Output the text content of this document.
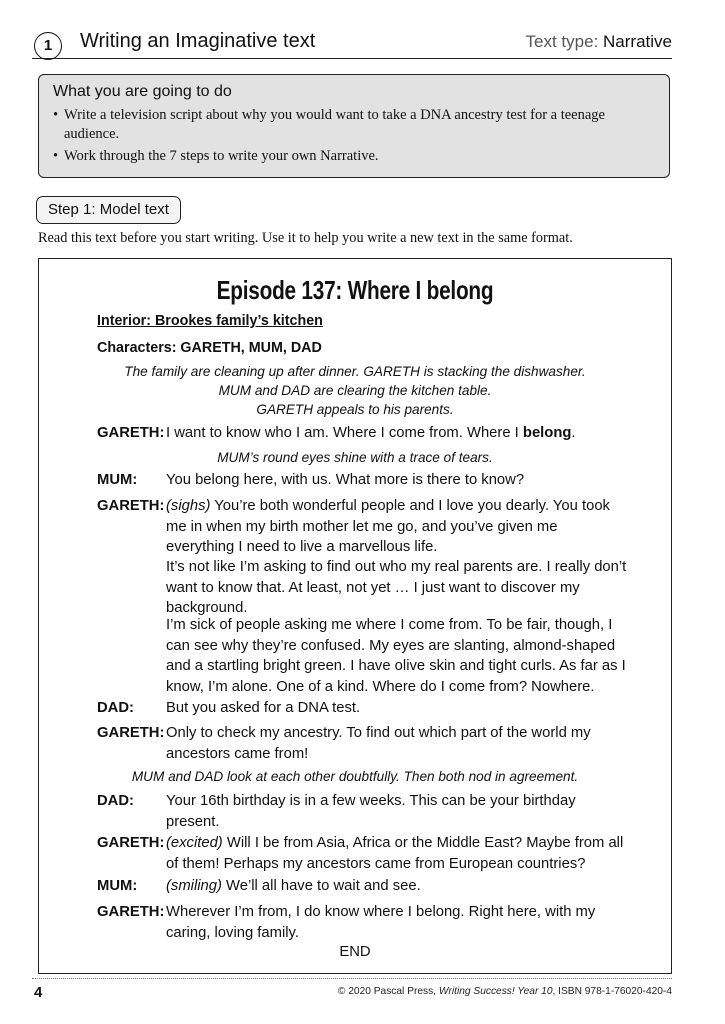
1	Writing an Imaginative text	Text type: Narrative
What you are going to do
• Write a television script about why you would want to take a DNA ancestry test for a teenage audience.
• Work through the 7 steps to write your own Narrative.
Step 1: Model text
Read this text before you start writing. Use it to help you write a new text in the same format.
Episode 137: Where I belong
Interior: Brookes family’s kitchen
Characters: GARETH, MUM, DAD
The family are cleaning up after dinner. GARETH is stacking the dishwasher.
MUM and DAD are clearing the kitchen table.
GARETH appeals to his parents.
GARETH: I want to know who I am. Where I come from. Where I belong.
MUM’s round eyes shine with a trace of tears.
MUM: You belong here, with us. What more is there to know?
GARETH: (sighs) You’re both wonderful people and I love you dearly. You took me in when my birth mother let me go, and you’ve given me everything I need to live a marvellous life.
It’s not like I’m asking to find out who my real parents are. I really don’t want to know that. At least, not yet … I just want to discover my background.
I’m sick of people asking me where I come from. To be fair, though, I can see why they’re confused. My eyes are slanting, almond-shaped and a startling bright green. I have olive skin and tight curls. As far as I know, I’m alone. One of a kind. Where do I come from? Nowhere.
DAD: But you asked for a DNA test.
GARETH: Only to check my ancestry. To find out which part of the world my ancestors came from!
MUM and DAD look at each other doubtfully. Then both nod in agreement.
DAD: Your 16th birthday is in a few weeks. This can be your birthday present.
GARETH: (excited) Will I be from Asia, Africa or the Middle East? Maybe from all of them! Perhaps my ancestors came from European countries?
MUM: (smiling) We’ll all have to wait and see.
GARETH: Wherever I’m from, I do know where I belong. Right here, with my caring, loving family.
END
4	© 2020 Pascal Press, Writing Success! Year 10, ISBN 978-1-76020-420-4
